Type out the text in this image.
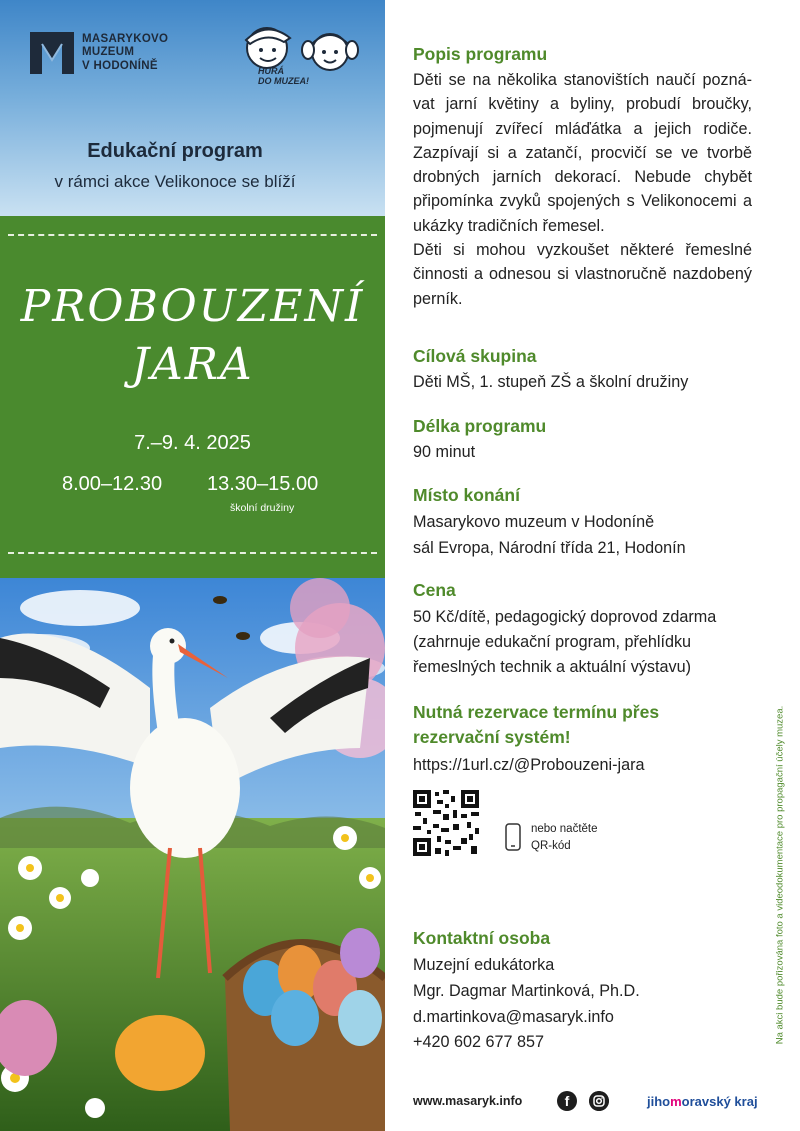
MASARYKOVO
MUZEUM
V HODONÍNĚ	HURÁ
DO MUZEA!
Edukační program
v rámci akce Velikonoce se blíží
PROBOUZENÍ
JARA
7.–9. 4. 2025
8.00–12.30 13.30–15.00
školní družiny
Popis programu
Děti se na několika stanovištích naučí poznávat jarní květiny a byliny, probudí broučky, pojmenují zvířecí mláďátka a jejich rodiče. Zazpívají si a zatančí, procvičí se ve tvorbě drobných jarních dekorací. Nebude chybět připomínka zvyků spojených s Velikonocemi a ukázky tradičních řemesel.
Děti si mohou vyzkoušet některé řemeslné činnosti a odnesou si vlastnoručně nazdobený perník.
Cílová skupina
Děti MŠ, 1. stupeň ZŠ a školní družiny
Délka programu
90 minut
Místo konání
Masarykovo muzeum v Hodoníně
sál Evropa, Národní třída 21, Hodonín
Cena
50 Kč/dítě, pedagogický doprovod zdarma
(zahrnuje edukační program, přehlídku
řemeslných technik a aktuální výstavu)
Nutná rezervace termínu přes
rezervační systém!
https://1url.cz/@Probouzeni-jara
nebo načtěte
QR-kód
Kontaktní osoba
Muzejní edukátorka
Mgr. Dagmar Martinková, Ph.D.
d.martinkova@masaryk.info
+420 602 677 857
www.masaryk.info	f	jihomoravský kraj
Na akci bude pořizována foto a videodokumentace pro propagační účely muzea.
